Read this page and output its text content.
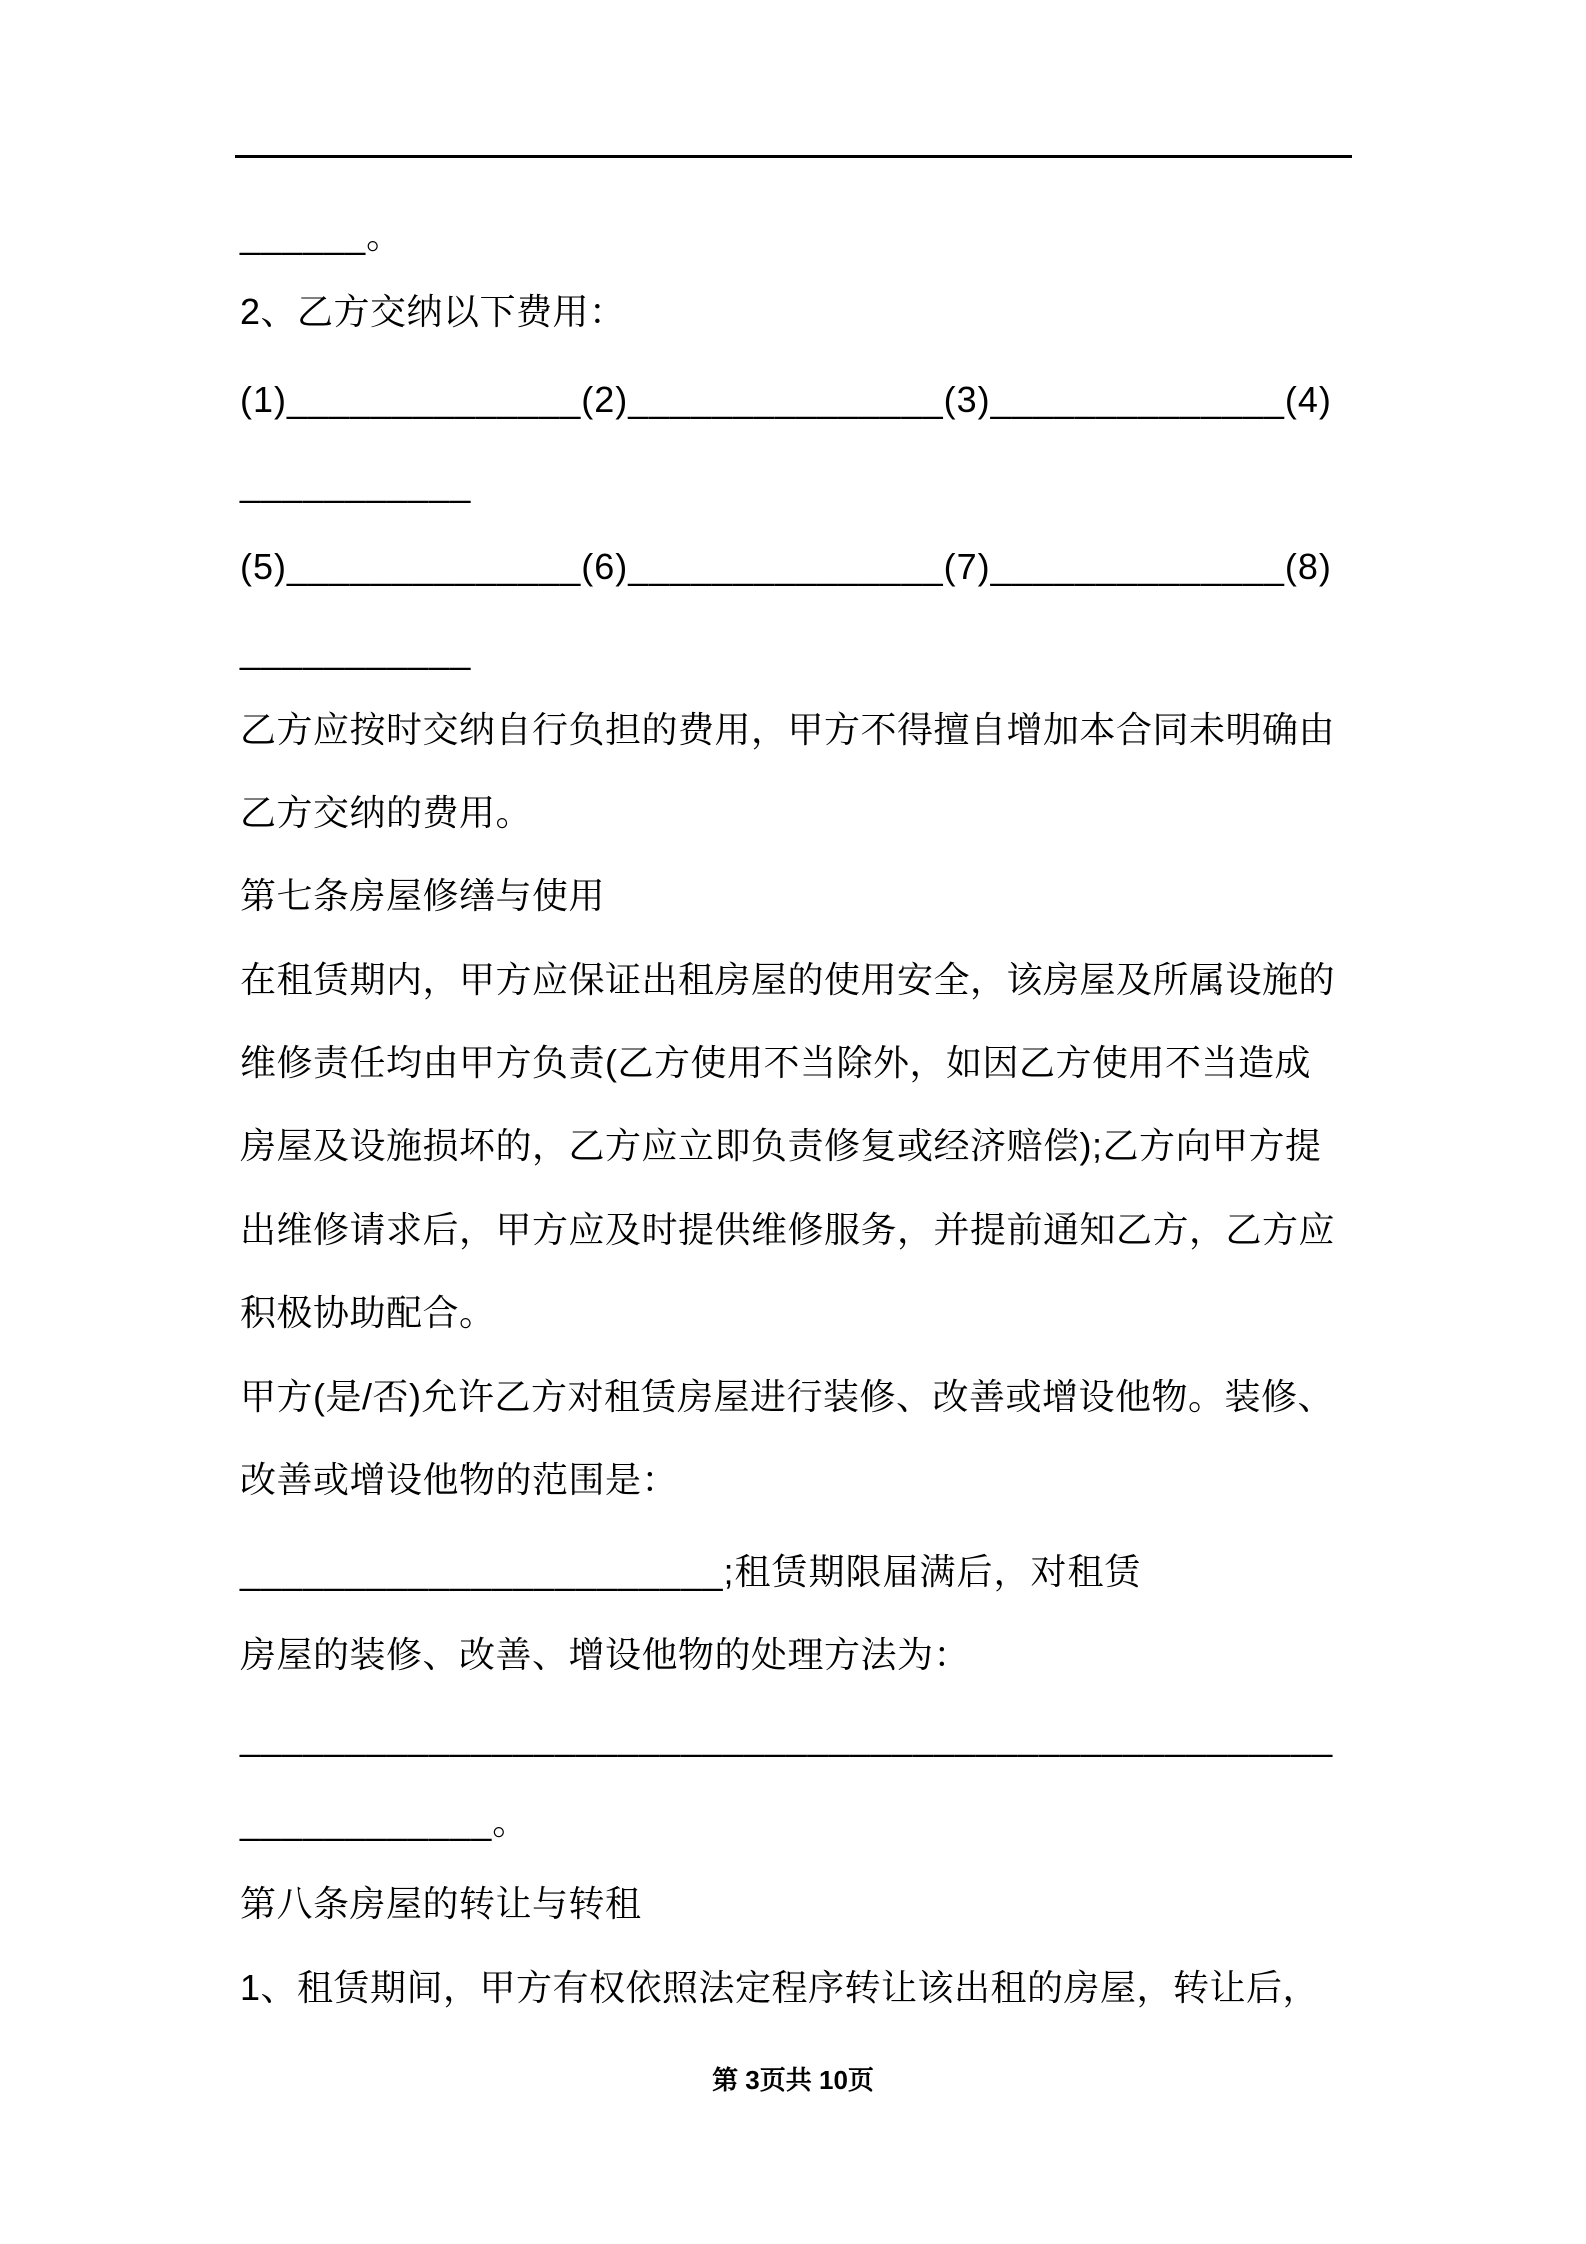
______。
2、乙方交纳以下费用：
(1)______________(2)_______________(3)______________(4)
___________
(5)______________(6)_______________(7)______________(8)
___________
乙方应按时交纳自行负担的费用，甲方不得擅自增加本合同未明确由
乙方交纳的费用。
第七条房屋修缮与使用
在租赁期内，甲方应保证出租房屋的使用安全，该房屋及所属设施的
维修责任均由甲方负责(乙方使用不当除外，如因乙方使用不当造成
房屋及设施损坏的，乙方应立即负责修复或经济赔偿);乙方向甲方提
出维修请求后，甲方应及时提供维修服务，并提前通知乙方，乙方应
积极协助配合。
甲方(是/否)允许乙方对租赁房屋进行装修、改善或增设他物。装修、
改善或增设他物的范围是：
_______________________;租赁期限届满后，对租赁
房屋的装修、改善、增设他物的处理方法为：
____________________________________________________
____________。
第八条房屋的转让与转租
1、租赁期间，甲方有权依照法定程序转让该出租的房屋，转让后，
第 3页共 10页
